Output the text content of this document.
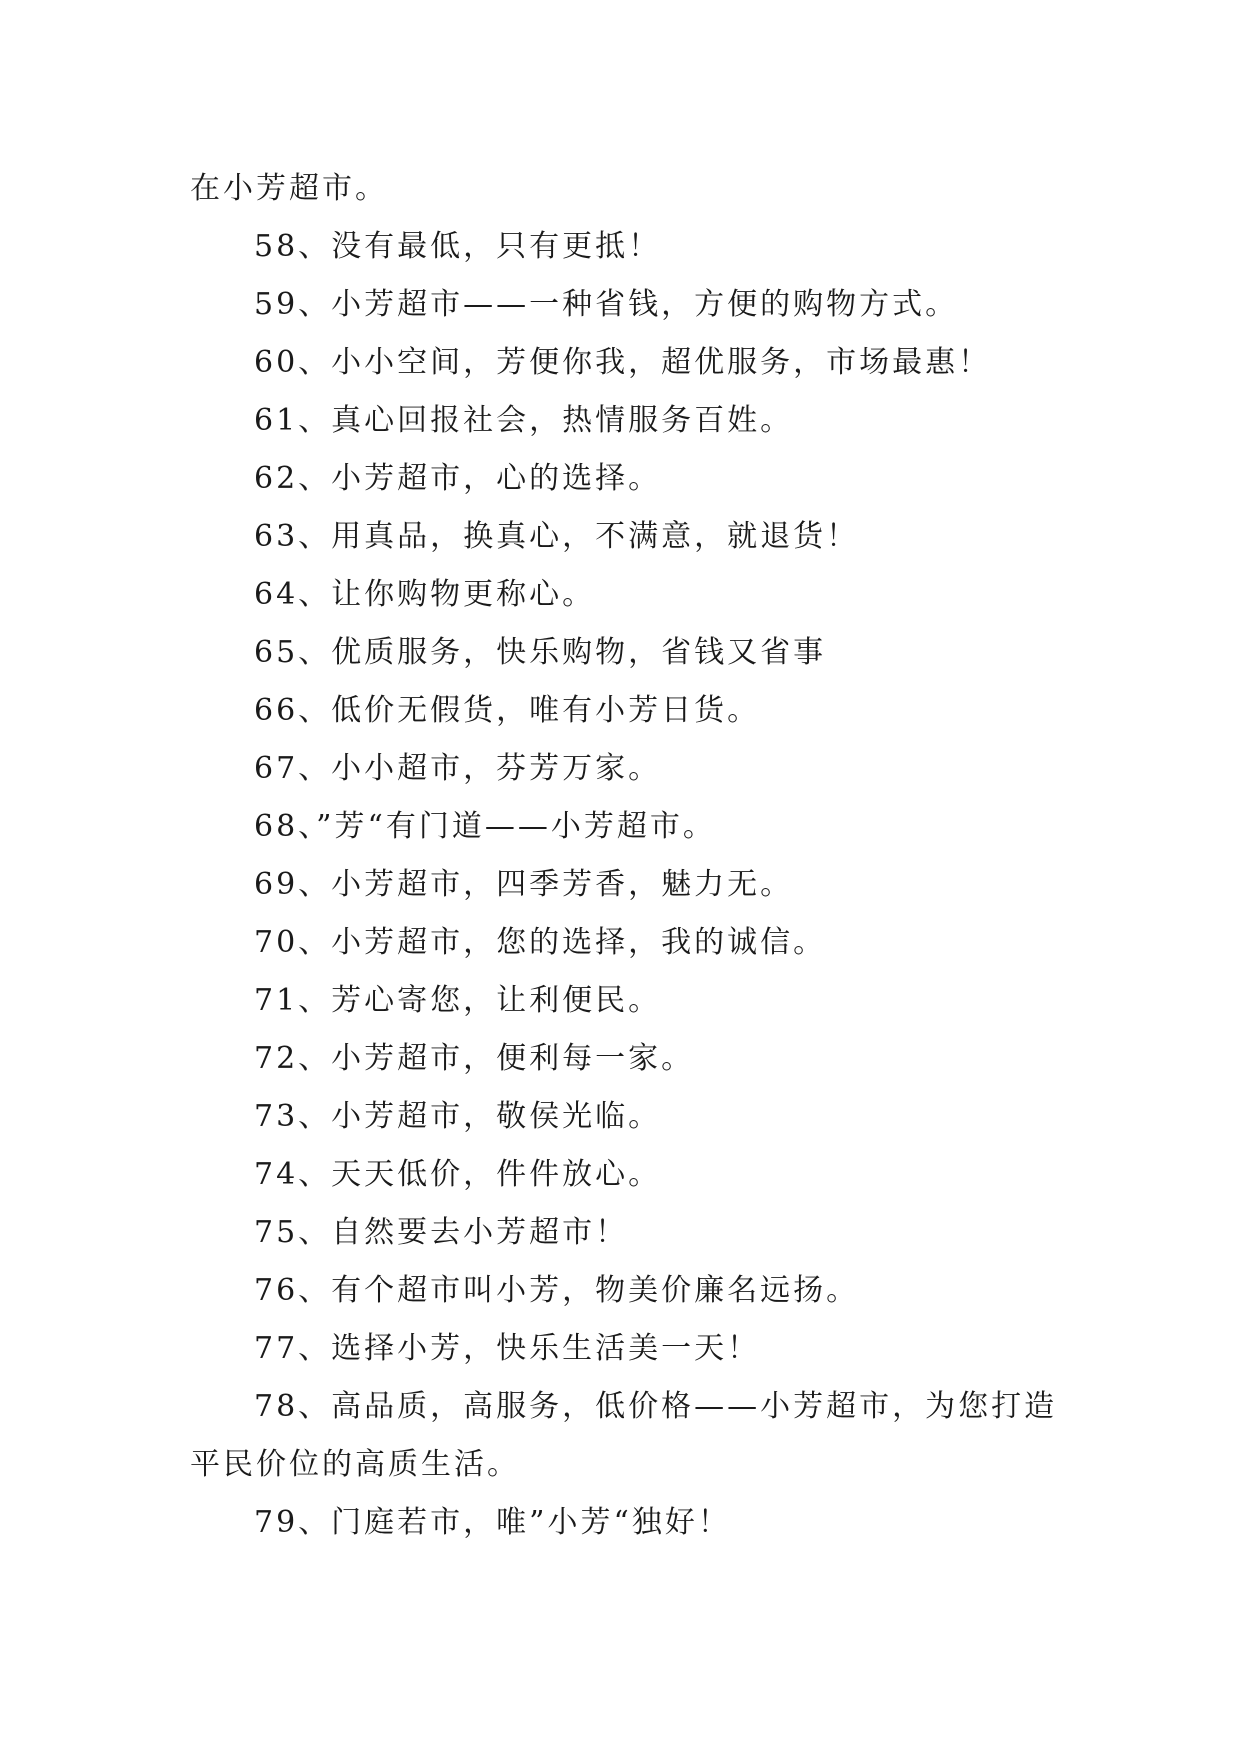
在小芳超市。
58、没有最低，只有更抵！
59、小芳超市——一种省钱，方便的购物方式。
60、小小空间，芳便你我，超优服务，市场最惠！
61、真心回报社会，热情服务百姓。
62、小芳超市，心的选择。
63、用真品，换真心，不满意，就退货！
64、让你购物更称心。
65、优质服务，快乐购物，省钱又省事
66、低价无假货，唯有小芳日货。
67、小小超市，芬芳万家。
68、”芳“有门道——小芳超市。
69、小芳超市，四季芳香，魅力无。
70、小芳超市，您的选择，我的诚信。
71、芳心寄您，让利便民。
72、小芳超市，便利每一家。
73、小芳超市，敬侯光临。
74、天天低价，件件放心。
75、自然要去小芳超市！
76、有个超市叫小芳，物美价廉名远扬。
77、选择小芳，快乐生活美一天！
78、高品质，高服务，低价格——小芳超市，为您打造
平民价位的高质生活。
79、门庭若市，唯”小芳“独好！
